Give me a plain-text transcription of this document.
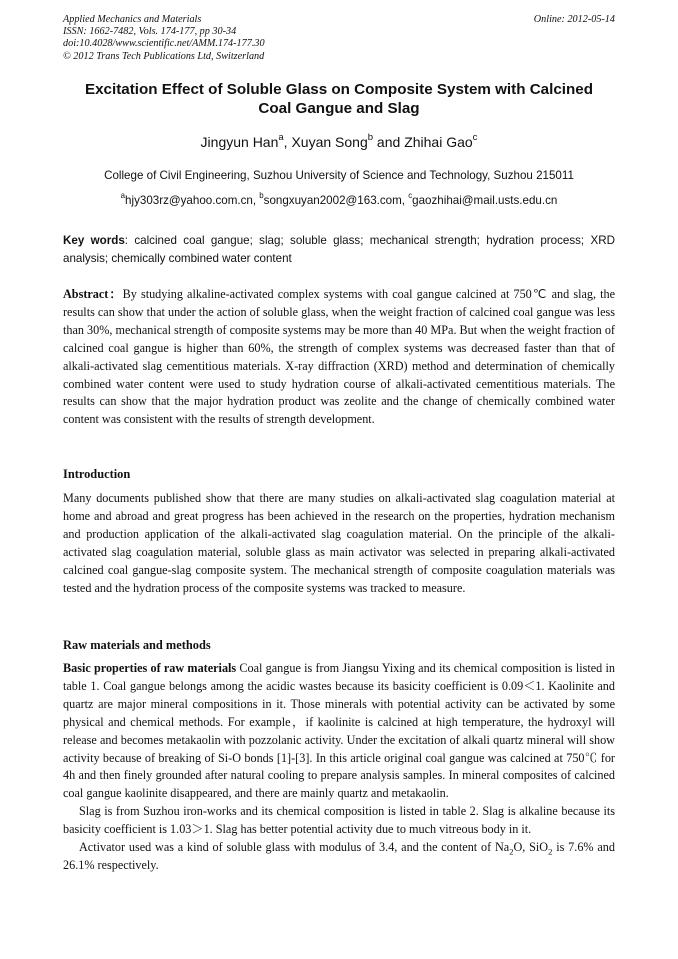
Applied Mechanics and Materials
ISSN: 1662-7482, Vols. 174-177, pp 30-34
doi:10.4028/www.scientific.net/AMM.174-177.30
© 2012 Trans Tech Publications Ltd, Switzerland
Online: 2012-05-14
Excitation Effect of Soluble Glass on Composite System with Calcined
Coal Gangue and Slag
Jingyun Han$^a$, Xuyan Song$^b$ and Zhihai Gao$^c$
College of Civil Engineering, Suzhou University of Science and Technology, Suzhou 215011
$^a$hjy303rz@yahoo.com.cn, $^b$songxuyan2002@163.com, $^c$gaozhihai@mail.usts.edu.cn
Key words: calcined coal gangue; slag; soluble glass; mechanical strength; hydration process; XRD analysis; chemically combined water content

Abstract：By studying alkaline-activated complex systems with coal gangue calcined at 750℃ and slag, the results can show that under the action of soluble glass, when the weight fraction of calcined coal gangue was less than 30%, mechanical strength of composite systems may be more than 40 MPa. But when the weight fraction of calcined coal gangue is higher than 60%, the strength of complex systems was decreased faster than that of alkali-activated slag cementitious materials. X-ray diffraction (XRD) method and determination of chemically combined water content were used to study hydration course of alkali-activated cementitious materials. The results can show that the major hydration product was zeolite and the change of chemically combined water content was consistent with the results of strength development.

Introduction

Many documents published show that there are many studies on alkali-activated slag coagulation material at home and abroad and great progress has been achieved in the research on the properties, hydration mechanism and production application of the alkali-activated slag coagulation material. On the principle of the alkali-activated slag coagulation material, soluble glass as main activator was selected in preparing alkali-activated calcined coal gangue-slag composite system. The mechanical strength of composite coagulation materials was tested and the hydration process of the composite systems was tracked to measure.

Raw materials and methods

Basic properties of raw materials Coal gangue is from Jiangsu Yixing and its chemical composition is listed in table 1. Coal gangue belongs among the acidic wastes because its basicity coefficient is 0.09＜1. Kaolinite and quartz are major mineral compositions in it. Those minerals with potential activity can be activated by some physical and chemical methods. For example，if kaolinite is calcined at high temperature, the hydroxyl will release and becomes metakaolin with pozzolanic activity. Under the excitation of alkali quartz mineral will show activity because of breaking of Si-O bonds [1]-[3]. In this article original coal gangue was calcined at 750℃ for 4h and then finely grounded after natural cooling to prepare analysis samples. In mineral composites of calcined coal gangue kaolinite disappeared, and there are mainly quartz and metakaolin.

Slag is from Suzhou iron-works and its chemical composition is listed in table 2. Slag is alkaline because its basicity coefficient is 1.03＞1. Slag has better potential activity due to much vitreous body in it.

Activator used was a kind of soluble glass with modulus of 3.4, and the content of $Na_2O$, SiO$_2$ is 7.6% and 26.1% respectively.
